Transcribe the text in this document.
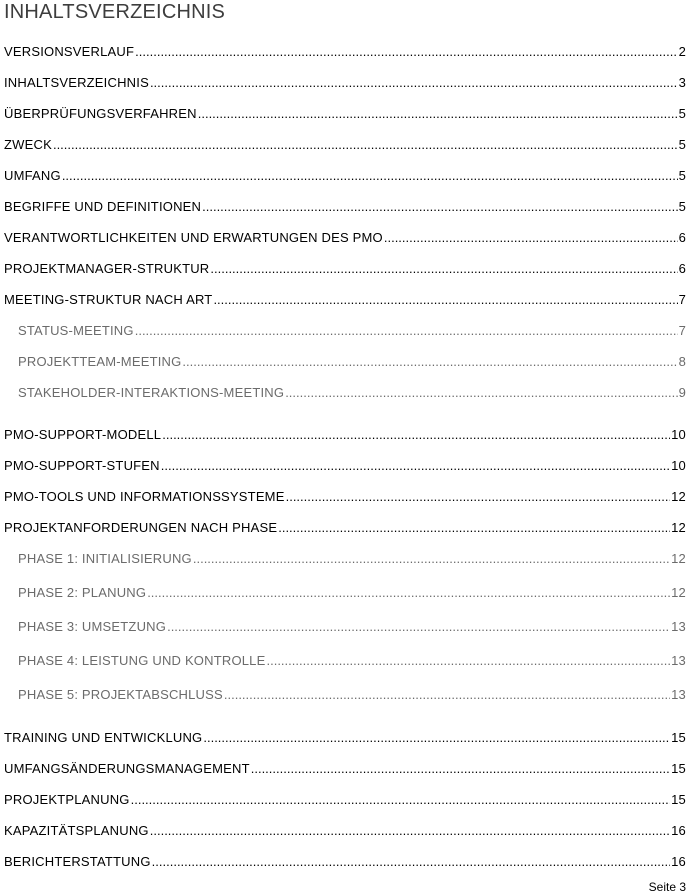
INHALTSVERZEICHNIS
VERSIONSVERLAUF .....	2
INHALTSVERZEICHNIS .....	3
ÜBERPRÜFUNGSVERFAHREN .....	5
ZWECK .....	5
UMFANG .....	5
BEGRIFFE UND DEFINITIONEN .....	5
VERANTWORTLICHKEITEN UND ERWARTUNGEN DES PMO .....	6
PROJEKTMANAGER-STRUKTUR .....	6
MEETING-STRUKTUR NACH ART .....	7
STATUS-MEETING .....	7
PROJEKTTEAM-MEETING .....	8
STAKEHOLDER-INTERAKTIONS-MEETING .....	9
PMO-SUPPORT-MODELL .....	10
PMO-SUPPORT-STUFEN .....	10
PMO-TOOLS UND INFORMATIONSSYSTEME .....	12
PROJEKTANFORDERUNGEN NACH PHASE .....	12
PHASE 1: INITIALISIERUNG .....	12
PHASE 2: PLANUNG .....	12
PHASE 3: UMSETZUNG .....	13
PHASE 4: LEISTUNG UND KONTROLLE .....	13
PHASE 5: PROJEKTABSCHLUSS .....	13
TRAINING UND ENTWICKLUNG .....	15
UMFANGSÄNDERUNGSMANAGEMENT .....	15
PROJEKTPLANUNG .....	15
KAPAZITÄTSPLANUNG .....	16
BERICHTERSTATTUNG .....	16
Seite 3
